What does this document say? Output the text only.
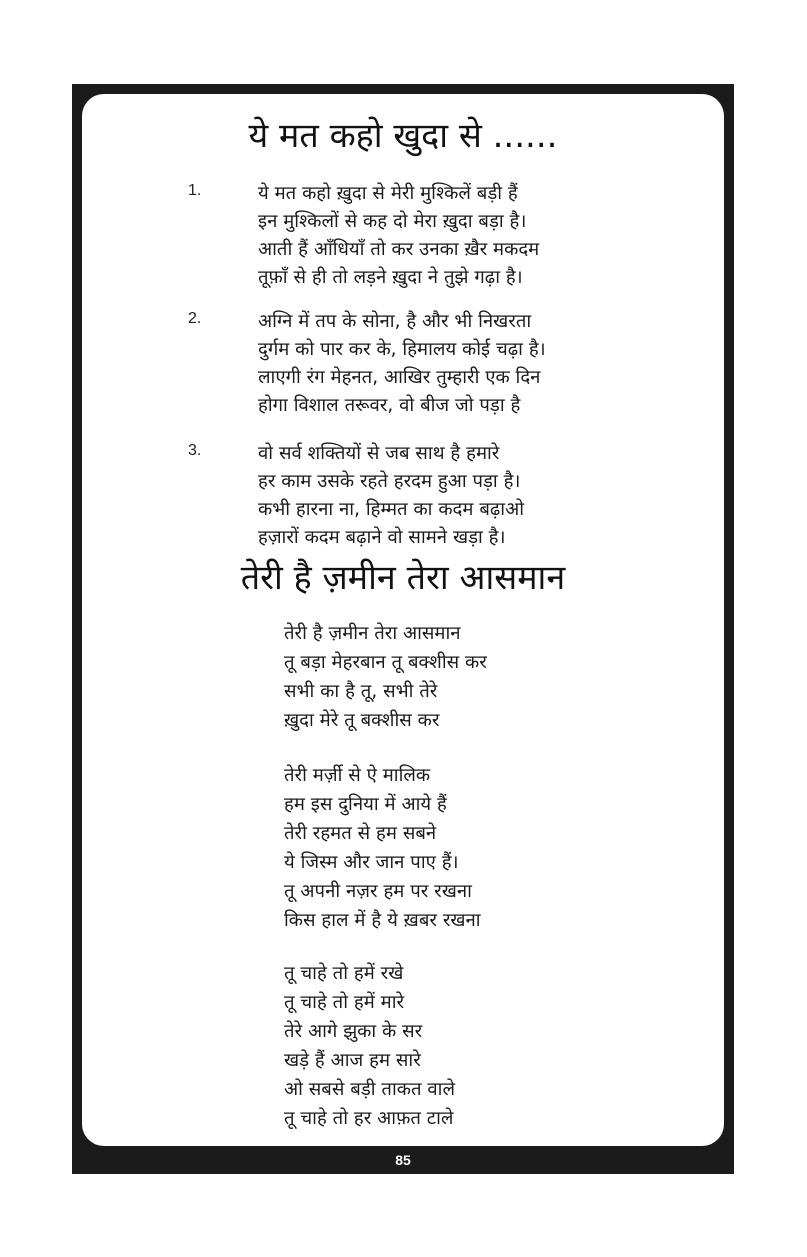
ये मत कहो खुदा से ......
1.	ये मत कहो ख़ुदा से मेरी मुश्किलें बड़ी हैं
इन मुश्किलों से कह दो मेरा ख़ुदा बड़ा है।
आती हैं आँधियाँ तो कर उनका ख़ैर मकदम
तूफ़ाँ से ही तो लड़ने ख़ुदा ने तुझे गढ़ा है।
2.	अग्नि में तप के सोना, है और भी निखरता
दुर्गम को पार कर के, हिमालय कोई चढ़ा है।
लाएगी रंग मेहनत, आखिर तुम्हारी एक दिन
होगा विशाल तरूवर, वो बीज जो पड़ा है
3.	वो सर्व शक्तियों से जब साथ है हमारे
हर काम उसके रहते हरदम हुआ पड़ा है।
कभी हारना ना, हिम्मत का कदम बढ़ाओ
हज़ारों कदम बढ़ाने वो सामने खड़ा है।
तेरी है ज़मीन तेरा आसमान
तेरी है ज़मीन तेरा आसमान
तू बड़ा मेहरबान तू बक्शीस कर
सभी का है तू, सभी तेरे
ख़ुदा मेरे तू बक्शीस कर
तेरी मर्ज़ी से ऐ मालिक
हम इस दुनिया में आये हैं
तेरी रहमत से हम सबने
ये जिस्म और जान पाए हैं।
तू अपनी नज़र हम पर रखना
किस हाल में है ये ख़बर रखना
तू चाहे तो हमें रखे
तू चाहे तो हमें मारे
तेरे आगे झुका के सर
खड़े हैं आज हम सारे
ओ सबसे बड़ी ताकत वाले
तू चाहे तो हर आफ़त टाले
85
